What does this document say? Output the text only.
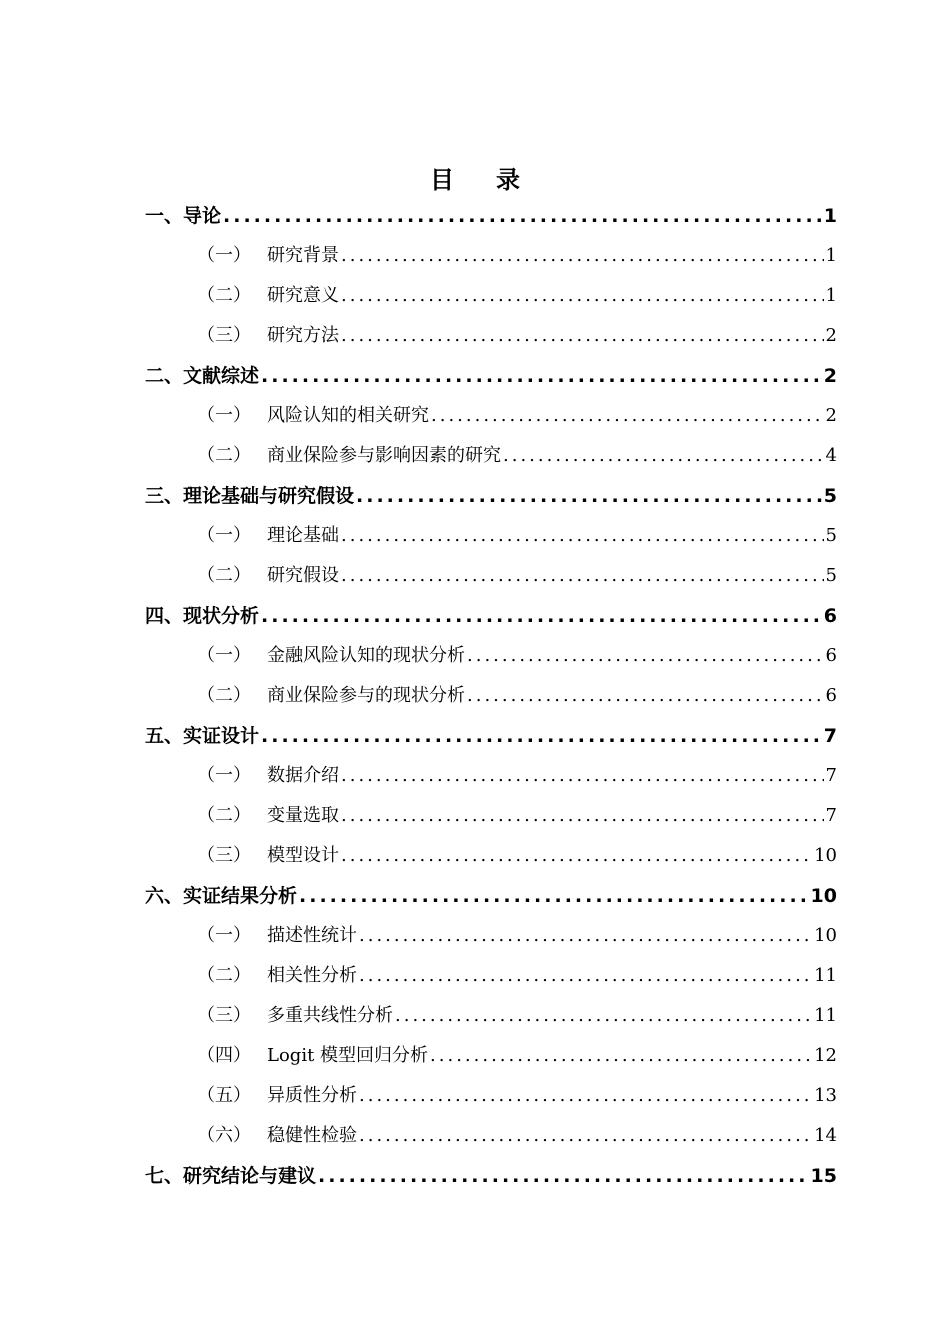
目 录
一、 导论 .....	1
（一） 研究背景 .....	1
（二） 研究意义 .....	1
（三） 研究方法 .....	2
二、 文献综述 .....	2
（一） 风险认知的相关研究 .....	2
（二） 商业保险参与影响因素的研究 .....	4
三、 理论基础与研究假设 .....	5
（一） 理论基础 .....	5
（二） 研究假设 .....	5
四、 现状分析 .....	6
（一） 金融风险认知的现状分析 .....	6
（二） 商业保险参与的现状分析 .....	6
五、 实证设计 .....	7
（一） 数据介绍 .....	7
（二） 变量选取 .....	7
（三） 模型设计 .....	10
六、 实证结果分析 .....	10
（一） 描述性统计 .....	10
（二） 相关性分析 .....	11
（三） 多重共线性分析 .....	11
（四） Logit 模型回归分析 .....	12
（五） 异质性分析 .....	13
（六） 稳健性检验 .....	14
七、 研究结论与建议 .....	15
